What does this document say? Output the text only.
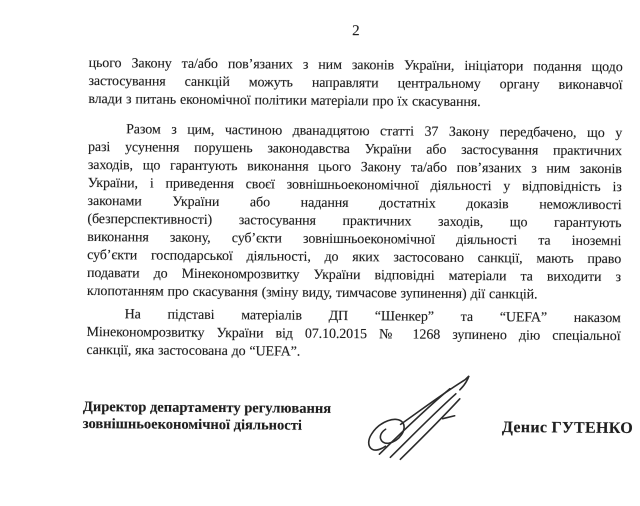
2
цього Закону та/або пов’язаних з ним законів України, ініціатори подання щодо
застосування санкцій можуть направляти центральному органу виконавчої
влади з питань економічної політики матеріали про їх скасування.
Разом з цим, частиною дванадцятою статті 37 Закону передбачено, що у
разі усунення порушень законодавства України або застосування практичних
заходів, що гарантують виконання цього Закону та/або пов’язаних з ним законів
України, і приведення своєї зовнішньоекономічної діяльності у відповідність із
законами України або надання достатніх доказів неможливості
(безперспективності) застосування практичних заходів, що гарантують
виконання закону, суб’єкти зовнішньоекономічної діяльності та іноземні
суб’єкти господарської діяльності, до яких застосовано санкції, мають право
подавати до Мінекономрозвитку України відповідні матеріали та виходити з
клопотанням про скасування (зміну виду, тимчасове зупинення) дії санкцій.
На підставі матеріалів ДП “Шенкер” та “UEFA” наказом
Мінекономрозвитку України від 07.10.2015 № 1268 зупинено дію спеціальної
санкції, яка застосована до “UEFA”.
Директор департаменту регулювання
зовнішньоекономічної діяльності	Денис ГУТЕНКО
